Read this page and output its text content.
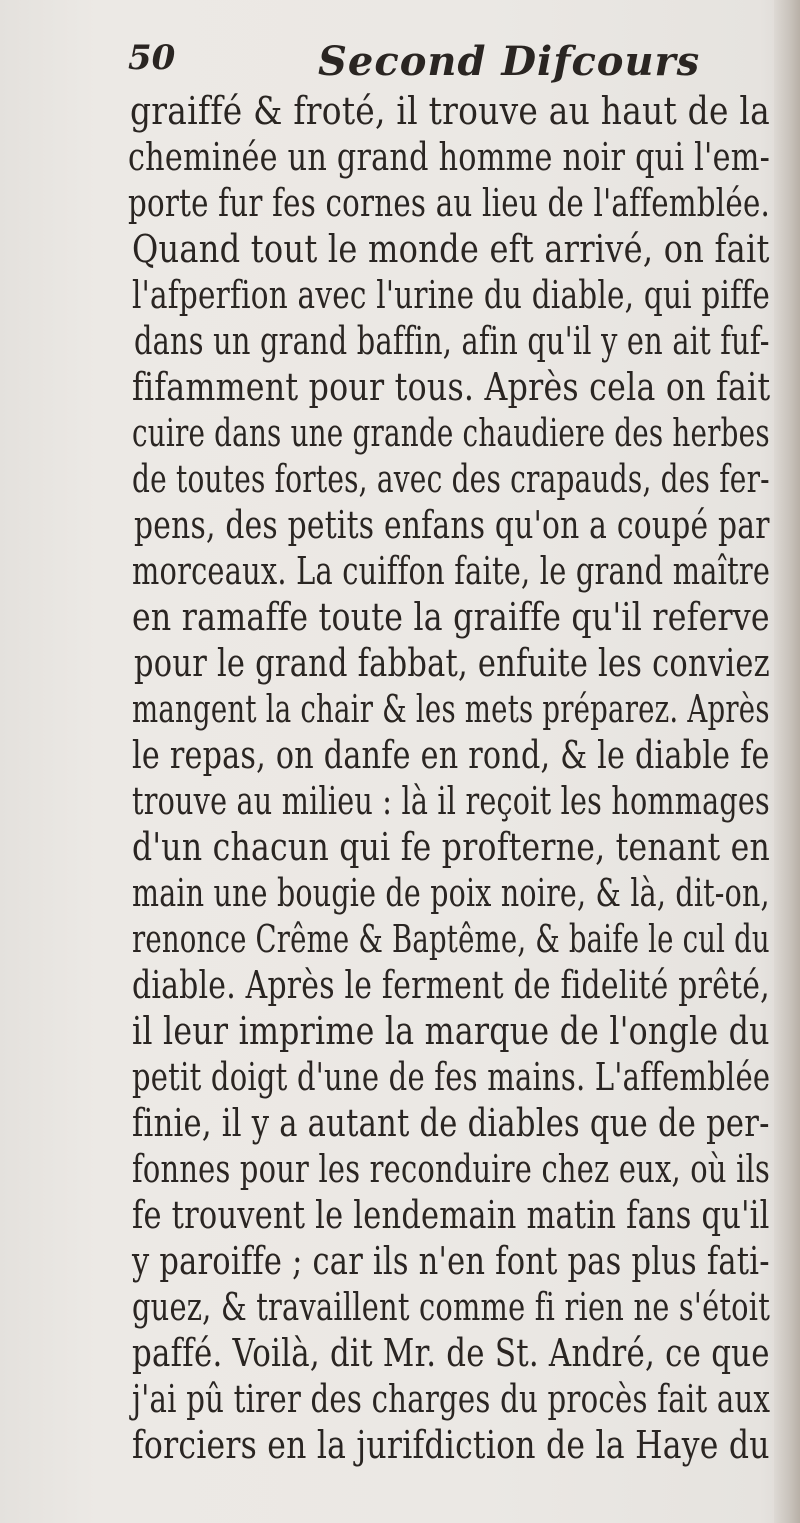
50	Second Difcours
graiffé & froté, il trouve au haut de la
cheminée un grand homme noir qui l'em-
porte fur fes cornes au lieu de l'affemblée.
Quand tout le monde eft arrivé, on fait
l'afperfion avec l'urine du diable, qui piffe
dans un grand baffin, afin qu'il y en ait fuf-
fifamment pour tous. Après cela on fait
cuire dans une grande chaudiere des herbes
de toutes fortes, avec des crapauds, des fer-
pens, des petits enfans qu'on a coupé par
morceaux. La cuiffon faite, le grand maître
en ramaffe toute la graiffe qu'il referve
pour le grand fabbat, enfuite les conviez
mangent la chair & les mets préparez. Après
le repas, on danfe en rond, & le diable fe
trouve au milieu : là il reçoit les hommages
d'un chacun qui fe profterne, tenant en
main une bougie de poix noire, & là, dit-on,
renonce Crême & Baptême, & baife le cul du
diable. Après le ferment de fidelité prêté,
il leur imprime la marque de l'ongle du
petit doigt d'une de fes mains. L'affemblée
finie, il y a autant de diables que de per-
fonnes pour les reconduire chez eux, où ils
fe trouvent le lendemain matin fans qu'il
y paroiffe ; car ils n'en font pas plus fati-
guez, & travaillent comme fi rien ne s'étoit
paffé. Voilà, dit Mr. de St. André, ce que
j'ai pû tirer des charges du procès fait aux
forciers en la jurifdiction de la Haye du
